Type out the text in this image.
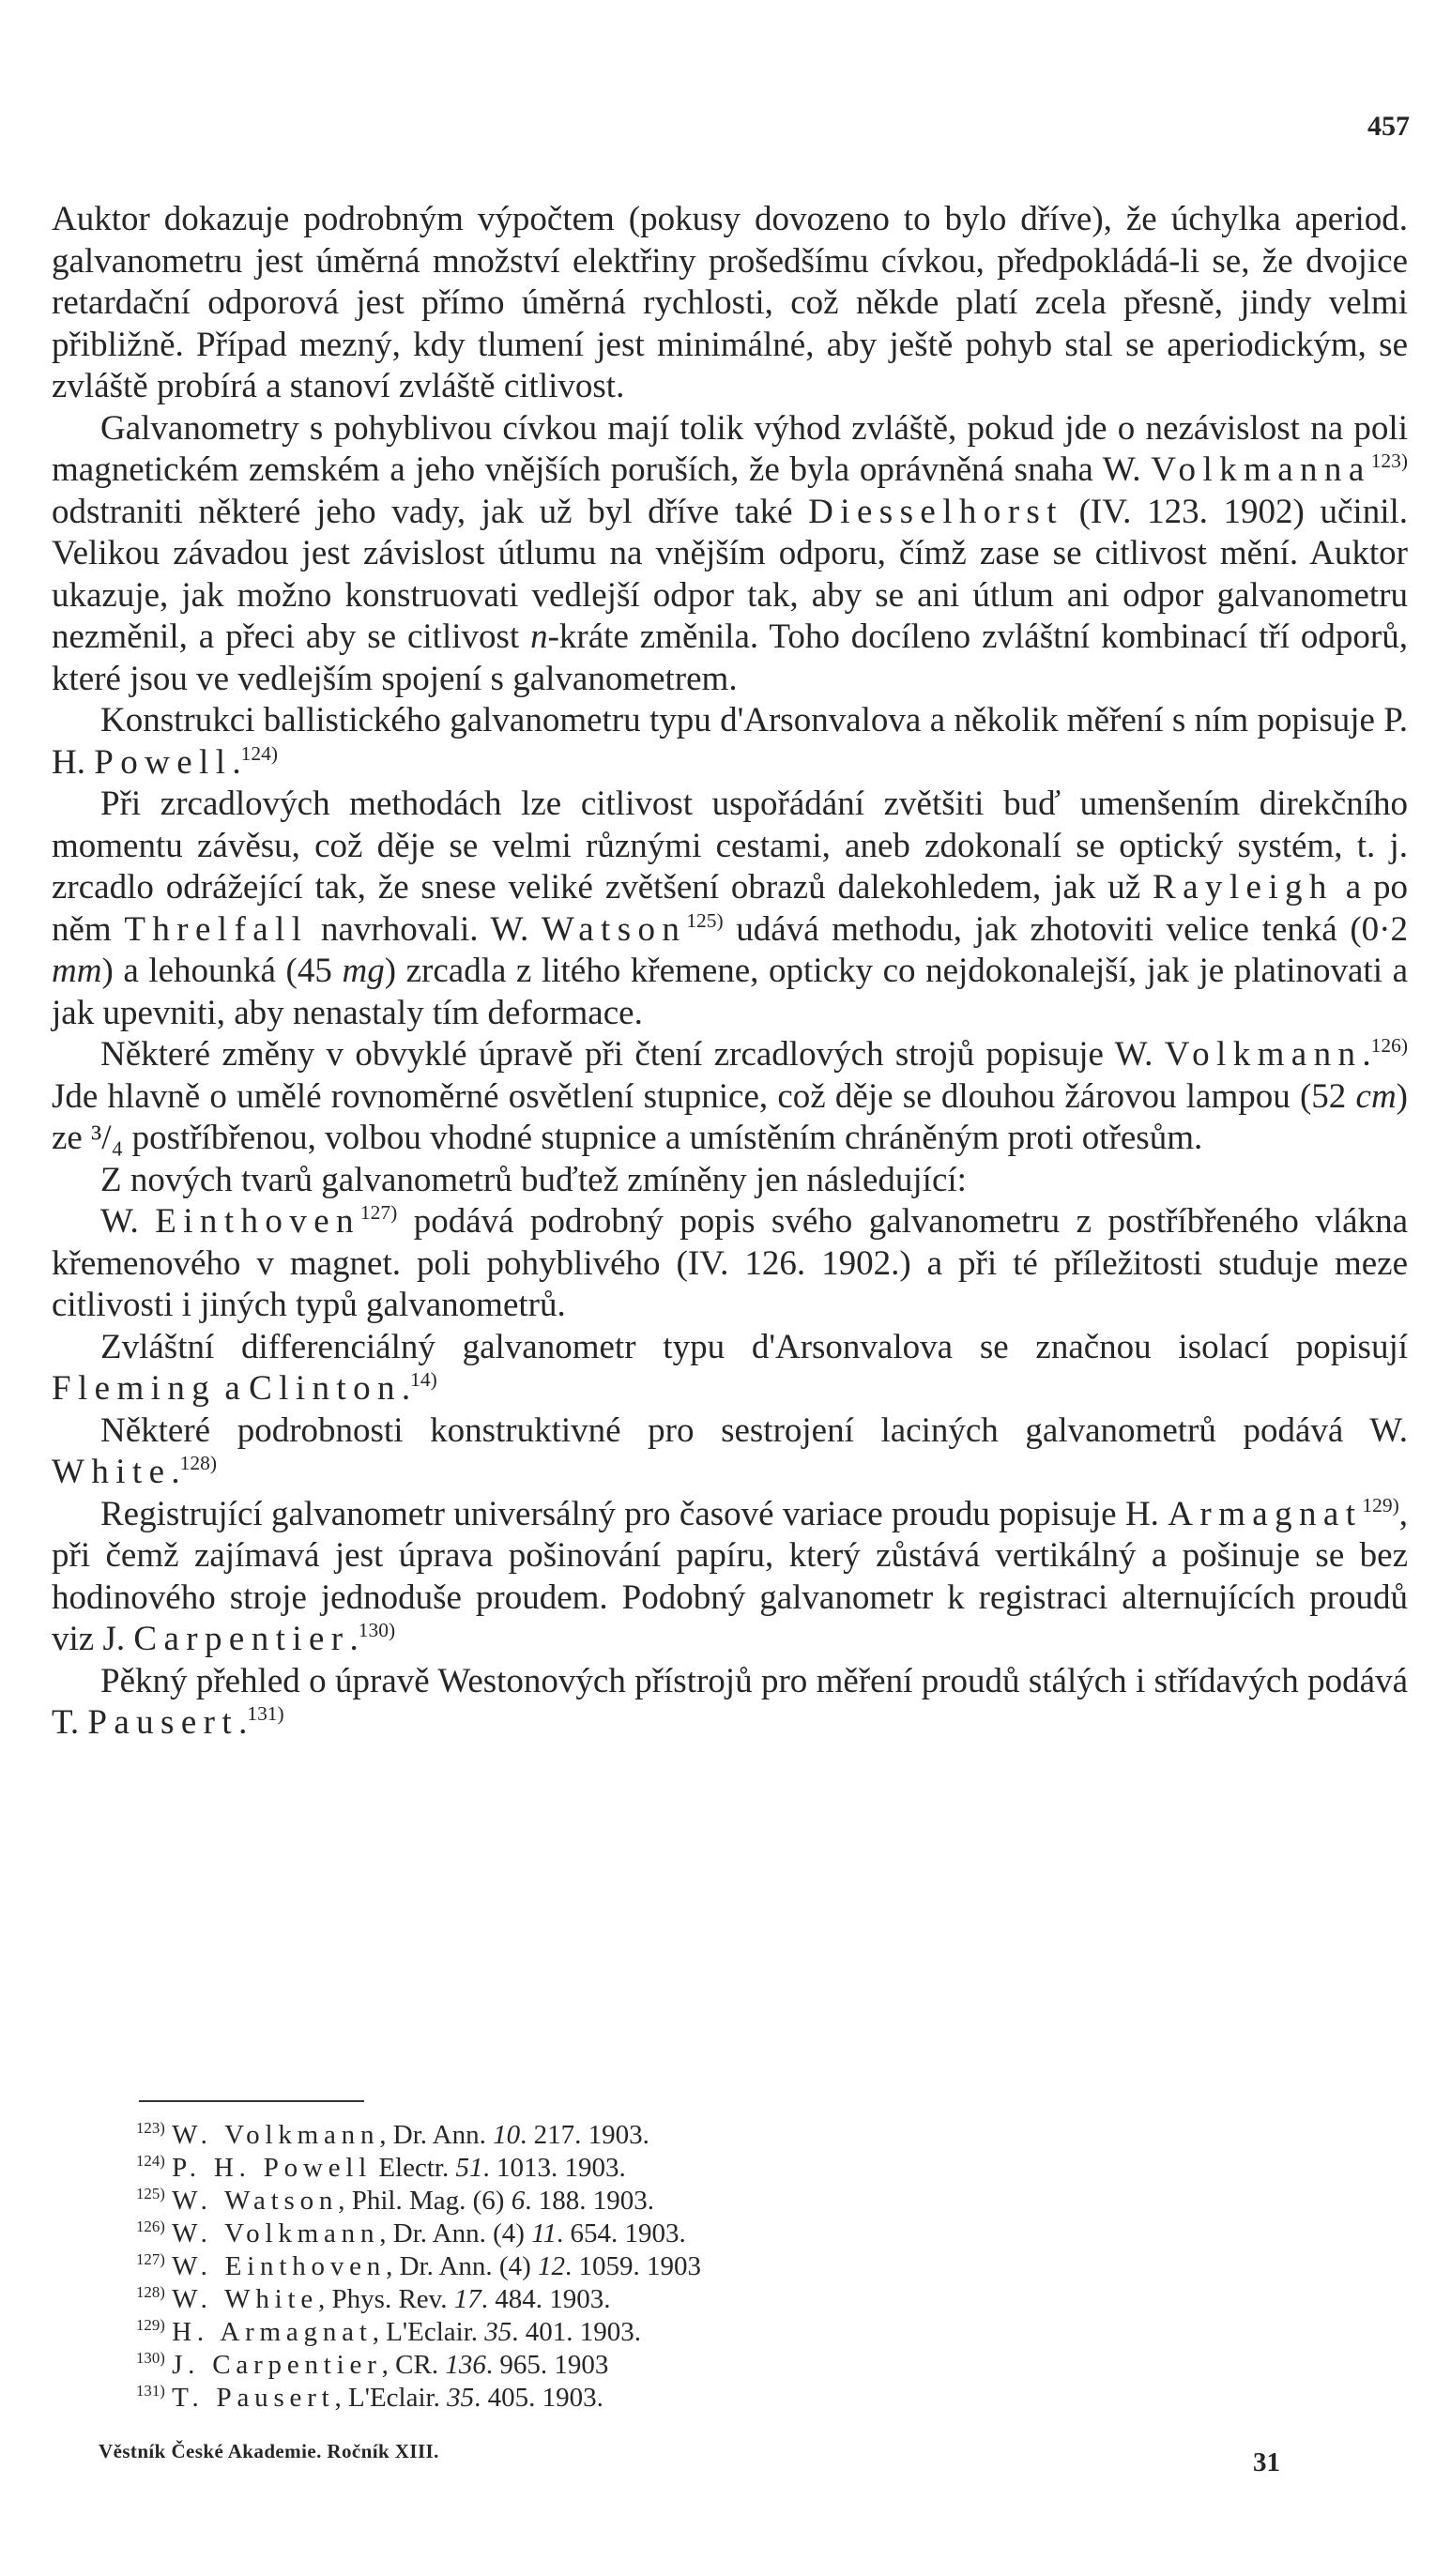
457

Auktor dokazuje podrobným výpočtem (pokusy dovozeno to bylo dříve), že úchylka aperiod. galvanometru jest úměrná množství elektřiny prošedšímu cívkou, předpokládá-li se, že dvojice retardační odporová jest přímo úměrná rychlosti, což někde platí zcela přesně, jindy velmi přibližně. Případ mezný, kdy tlumení jest minimálné, aby ještě pohyb stal se aperiodickým, se zvláště probírá a stanoví zvláště citlivost.

Galvanometry s pohyblivou cívkou mají tolik výhod zvláště, pokud jde o nezávislost na poli magnetickém zemském a jeho vnějších poruších, že byla oprávněná snaha W. Volkmanna$^{123)}$ odstraniti některé jeho vady, jak už byl dříve také Diesselhorst (IV. 123. 1902) učinil. Velikou závadou jest závislost útlumu na vnějším odporu, čímž zase se citlivost mění. Auktor ukazuje, jak možno konstruovati vedlejší odpor tak, aby se ani útlum ani odpor galvanometru nezměnil, a přeci aby se citlivost n-kráte změnila. Toho docíleno zvláštní kombinací tří odporů, které jsou ve vedlejším spojení s galvanometrem.

Konstrukci ballistického galvanometru typu d'Arsonvalova a několik měření s ním popisuje P. H. Powell.$^{124)}$

Při zrcadlových methodách lze citlivost uspořádání zvětšiti buď umenšením direkčního momentu závěsu, což děje se velmi různými cestami, aneb zdokonalí se optický systém, t. j. zrcadlo odrážející tak, že snese veliké zvětšení obrazů dalekohledem, jak už Rayleigh a po něm Threlfall navrhovali. W. Watson$^{125)}$ udává methodu, jak zhotoviti velice tenká (0·2 mm) a lehounká (45 mg) zrcadla z litého křemene, opticky co nejdokonalejší, jak je platinovati a jak upevniti, aby nenastaly tím deformace.

Některé změny v obvyklé úpravě při čtení zrcadlových strojů popisuje W. Volkmann.$^{126)}$ Jde hlavně o umělé rovnoměrné osvětlení stupnice, což děje se dlouhou žárovou lampou (52 cm) ze ³/₄ postříbřenou, volbou vhodné stupnice a umístěním chráněným proti otřesům.

Z nových tvarů galvanometrů buďtež zmíněny jen následující:

W. Einthoven$^{127)}$ podává podrobný popis svého galvanometru z postříbřeného vlákna křemenového v magnet. poli pohyblivého (IV. 126. 1902.) a při té příležitosti studuje meze citlivosti i jiných typů galvanometrů.

Zvláštní differenciálný galvanometr typu d'Arsonvalova se značnou isolací popisují Fleming a Clinton.$^{14)}$

Některé podrobnosti konstruktivné pro sestrojení laciných galvanometrů podává W. White.$^{128)}$

Registrující galvanometr universálný pro časové variace proudu popisuje H. Armagnat$^{129)}$, při čemž zajímavá jest úprava pošinování papíru, který zůstává vertikálný a pošinuje se bez hodinového stroje jednoduše proudem. Podobný galvanometr k registraci alternujících proudů viz J. Carpentier.$^{130)}$

Pěkný přehled o úpravě Westonových přístrojů pro měření proudů stálých i střídavých podává T. Pausert.$^{131)}$

$^{123)}$ W. Volkmann, Dr. Ann. 10. 217. 1903.
$^{124)}$ P. H. Powell Electr. 51. 1013. 1903.
$^{125)}$ W. Watson, Phil. Mag. (6) 6. 188. 1903.
$^{126)}$ W. Volkmann, Dr. Ann. (4) 11. 654. 1903.
$^{127)}$ W. Einthoven, Dr. Ann. (4) 12. 1059. 1903
$^{128)}$ W. White, Phys. Rev. 17. 484. 1903.
$^{129)}$ H. Armagnat, L'Eclair. 35. 401. 1903.
$^{130)}$ J. Carpentier, CR. 136. 965. 1903
$^{131)}$ T. Pausert, L'Eclair. 35. 405. 1903.
Věstník České Akademie. Ročník XIII.	31
